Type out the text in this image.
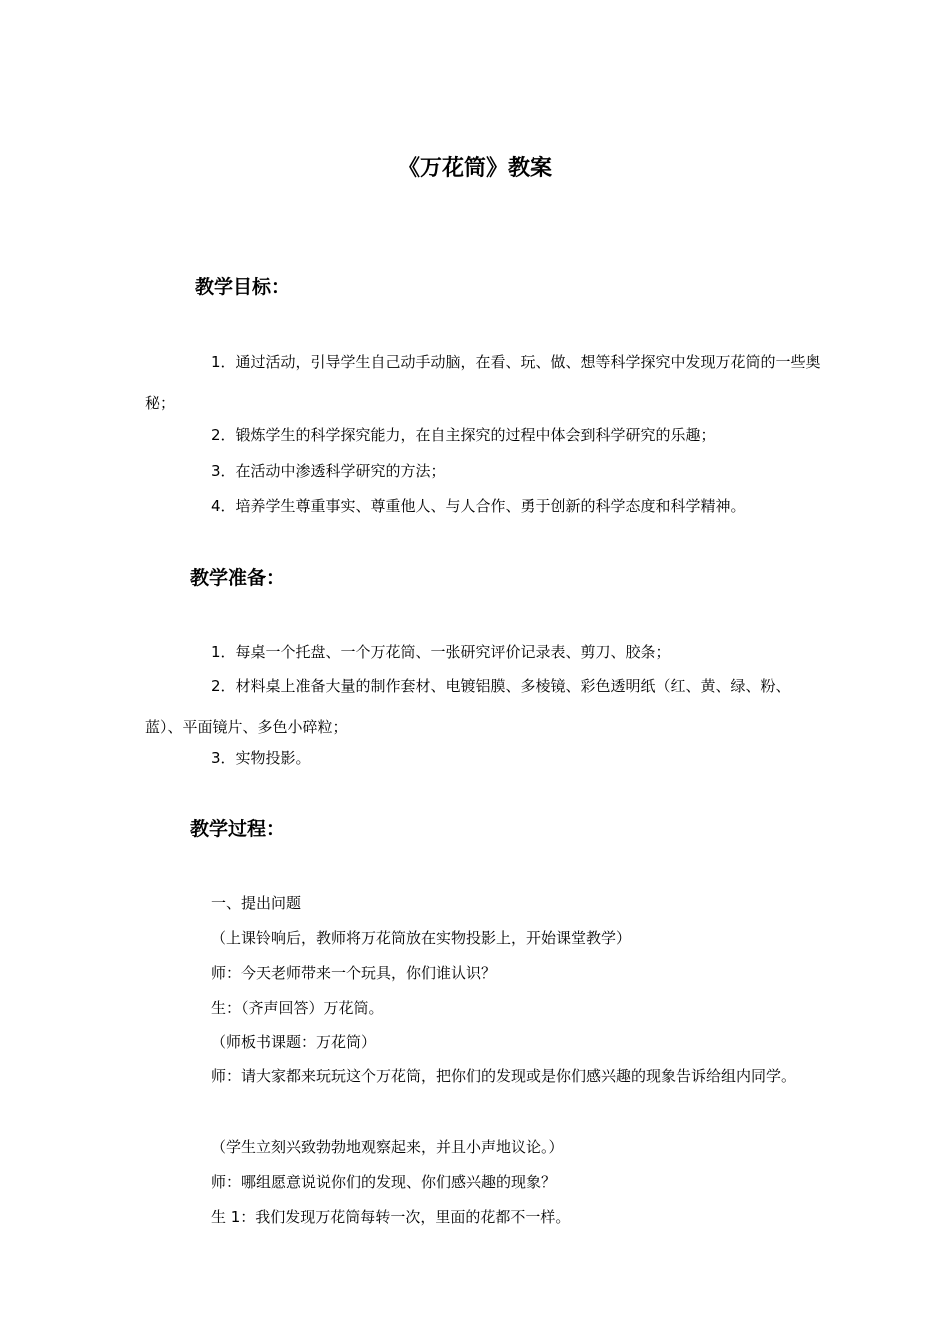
《万花筒》教案
教学目标：
1．通过活动，引导学生自己动手动脑，在看、玩、做、想等科学探究中发现万花筒的一些奥秘；
2．锻炼学生的科学探究能力，在自主探究的过程中体会到科学研究的乐趣；
3．在活动中渗透科学研究的方法；
4．培养学生尊重事实、尊重他人、与人合作、勇于创新的科学态度和科学精神。
教学准备：
1．每桌一个托盘、一个万花筒、一张研究评价记录表、剪刀、胶条；
2．材料桌上准备大量的制作套材、电镀铝膜、多棱镜、彩色透明纸（红、黄、绿、粉、蓝）、平面镜片、多色小碎粒；
3．实物投影。
教学过程：
一、提出问题
（上课铃响后，教师将万花筒放在实物投影上，开始课堂教学）
师：今天老师带来一个玩具，你们谁认识？
生：（齐声回答）万花筒。
（师板书课题：万花筒）
师：请大家都来玩玩这个万花筒，把你们的发现或是你们感兴趣的现象告诉给组内同学。
（学生立刻兴致勃勃地观察起来，并且小声地议论。）
师：哪组愿意说说你们的发现、你们感兴趣的现象？
生 1：我们发现万花筒每转一次，里面的花都不一样。
